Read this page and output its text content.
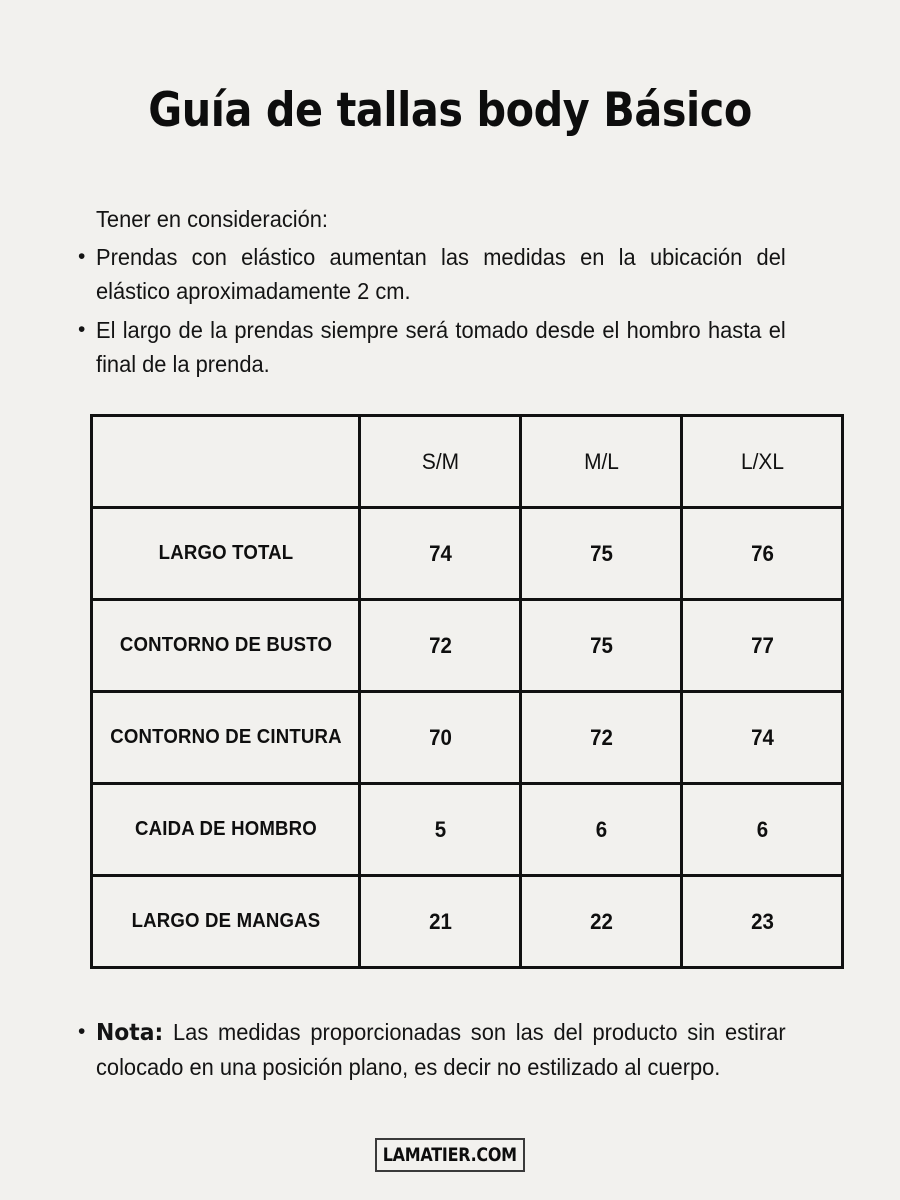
Guía de tallas body Básico
Tener en consideración:
• Prendas con elástico aumentan las medidas en la ubicación del elástico aproximadamente 2 cm.
• El largo de la prendas siempre será tomado desde el hombro hasta el final de la prenda.
	S/M	M/L	L/XL
LARGO TOTAL	74	75	76
CONTORNO DE BUSTO	72	75	77
CONTORNO DE CINTURA	70	72	74
CAIDA DE HOMBRO	5	6	6
LARGO DE MANGAS	21	22	23
• Nota: Las medidas proporcionadas son las del producto sin estirar colocado en una posición plano, es decir no estilizado al cuerpo.
LAMATIER.COM
